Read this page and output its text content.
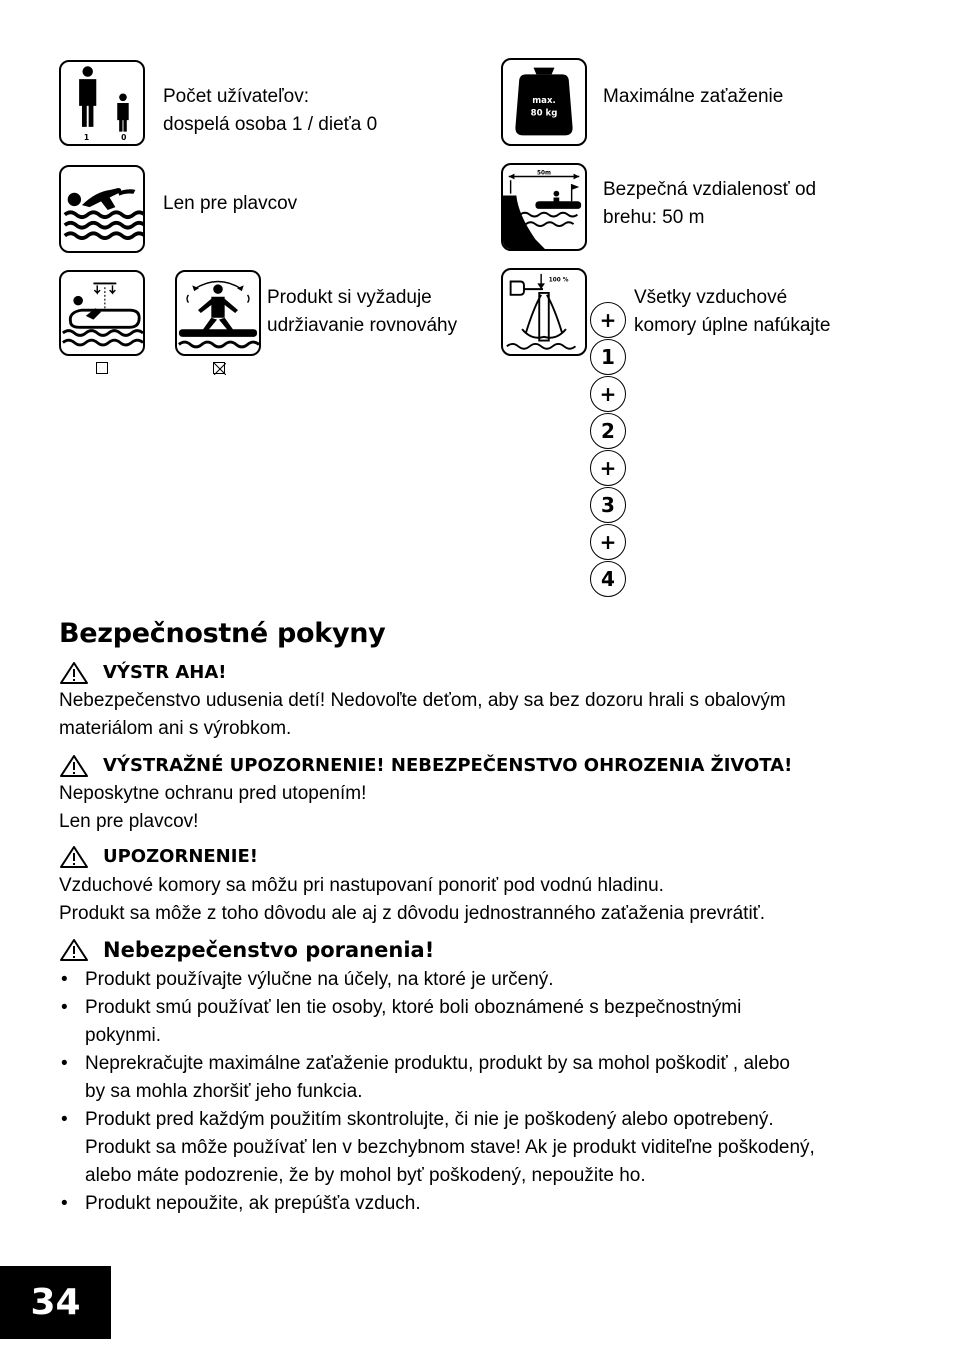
1	0
Počet užívateľov:
dospelá osoba 1 / dieťa 0
max.
80 kg
Maximálne zaťaženie
Len pre plavcov
50m
Bezpečná vzdialenosť od
brehu: 50 m
Produkt si vyžaduje
udržiavanie rovnováhy
100 %
Všetky vzduchové
komory úplne nafúkajte
+
1
+
2
+
3
+
4
Bezpečnostné pokyny
VÝSTR AHA!
Nebezpečenstvo udusenia detí! Nedovoľte deťom, aby sa bez dozoru hrali s obalovým
materiálom ani s výrobkom.
VÝSTRAŽNÉ UPOZORNENIE! NEBEZPEČENSTVO OHROZENIA ŽIVOTA!
Neposkytne ochranu pred utopením!
Len pre plavcov!
UPOZORNENIE!
Vzduchové komory sa môžu pri nastupovaní ponoriť pod vodnú hladinu.
Produkt sa môže z toho dôvodu ale aj z dôvodu jednostranného zaťaženia prevrátiť.
Nebezpečenstvo poranenia!
• Produkt používajte výlučne na účely, na ktoré je určený.
• Produkt smú používať len tie osoby, ktoré boli oboznámené s bezpečnostnými
pokynmi.
• Neprekračujte maximálne zaťaženie produktu, produkt by sa mohol poškodiť , alebo
by sa mohla zhoršiť jeho funkcia.
• Produkt pred každým použitím skontrolujte, či nie je poškodený alebo opotrebený.
Produkt sa môže používať len v bezchybnom stave! Ak je produkt viditeľne poškodený,
alebo máte podozrenie, že by mohol byť poškodený, nepoužite ho.
• Produkt nepoužite, ak prepúšťa vzduch.
34
